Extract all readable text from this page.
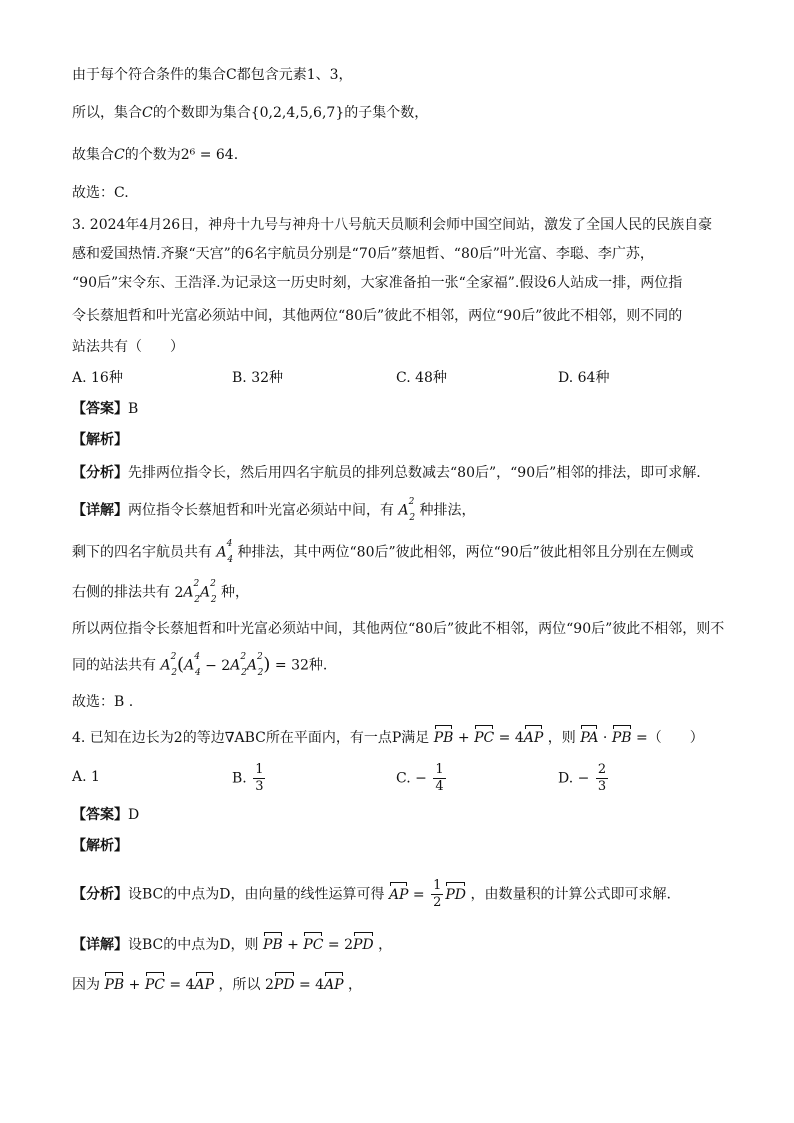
由于每个符合条件的集合C都包含元素1、3，
所以，集合C的个数即为集合{0,2,4,5,6,7}的子集个数，
故集合C的个数为2⁶ = 64.
故选：C.
3. 2024年4月26日，神舟十九号与神舟十八号航天员顺利会师中国空间站，激发了全国人民的民族自豪
感和爱国热情.齐聚“天宫”的6名宇航员分别是“70后”蔡旭哲、“80后”叶光富、李聪、李广苏，
“90后”宋令东、王浩泽.为记录这一历史时刻，大家准备拍一张“全家福”.假设6人站成一排，两位指
令长蔡旭哲和叶光富必须站中间，其他两位“80后”彼此不相邻，两位“90后”彼此不相邻，则不同的
站法共有（　　）
A. 16种	B. 32种	C. 48种	D. 64种
【答案】B
【解析】
【分析】先排两位指令长，然后用四名宇航员的排列总数减去“80后”，“90后”相邻的排法，即可求解.
【详解】两位指令长蔡旭哲和叶光富必须站中间，有 $A^2_2$ 种排法，
剩下的四名宇航员共有 $A^4_4$ 种排法，其中两位“80后”彼此相邻，两位“90后”彼此相邻且分别在左侧或
右侧的排法共有 $2A^2_2A^2_2$ 种，
所以两位指令长蔡旭哲和叶光富必须站中间，其他两位“80后”彼此不相邻，两位“90后”彼此不相邻，则不
同的站法共有 $A^2_2(A^4_4 - 2A^2_2A^2_2) = 32$种.
故选：B .
4. 已知在边长为2的等边∇ABC所在平面内，有一点P满足 PB + PC = 4AP ，则 PA · PB =（　　）
A. 1	B. $\frac{1}{3}$	C. − $\frac{1}{4}$	D. − $\frac{2}{3}$
【答案】D
【解析】
【分析】设BC的中点为D，由向量的线性运算可得 AP = $\frac{1}{2}$ PD ，由数量积的计算公式即可求解.
【详解】设BC的中点为D，则 PB + PC = 2PD ，
因为 PB + PC = 4AP ，所以 2PD = 4AP ，
